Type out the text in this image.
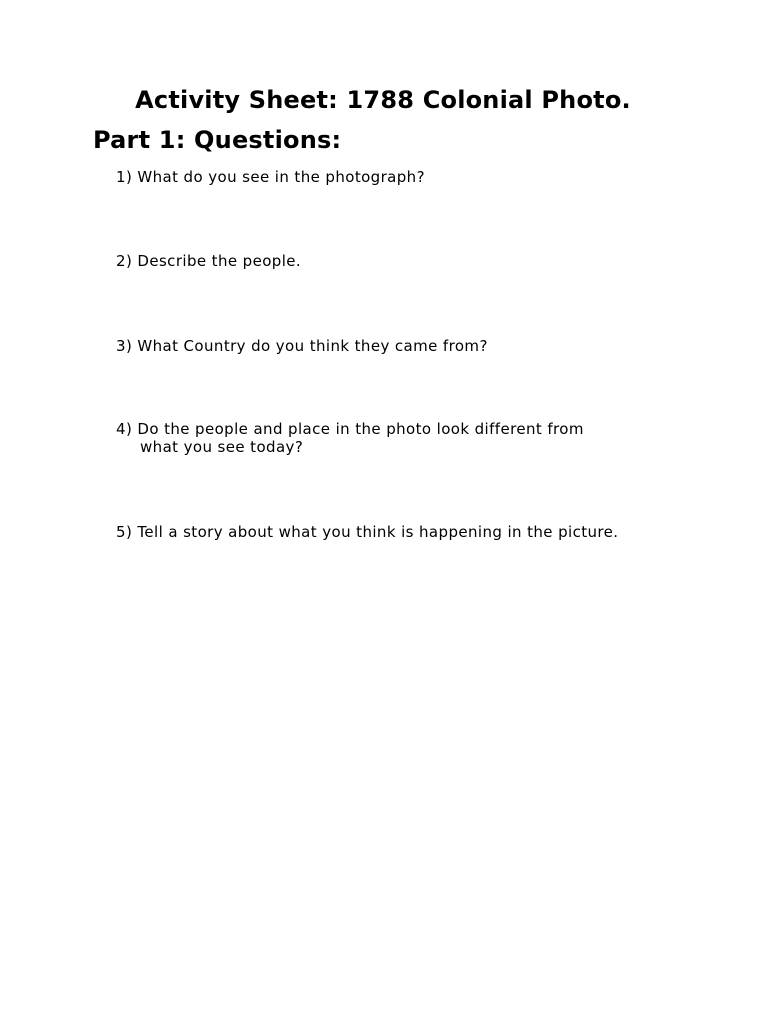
Activity Sheet: 1788 Colonial Photo.
Part 1: Questions:
1) What do you see in the photograph?
2) Describe the people.
3) What Country do you think they came from?
4) Do the people and place in the photo look different from
what you see today?
5) Tell a story about what you think is happening in the picture.
